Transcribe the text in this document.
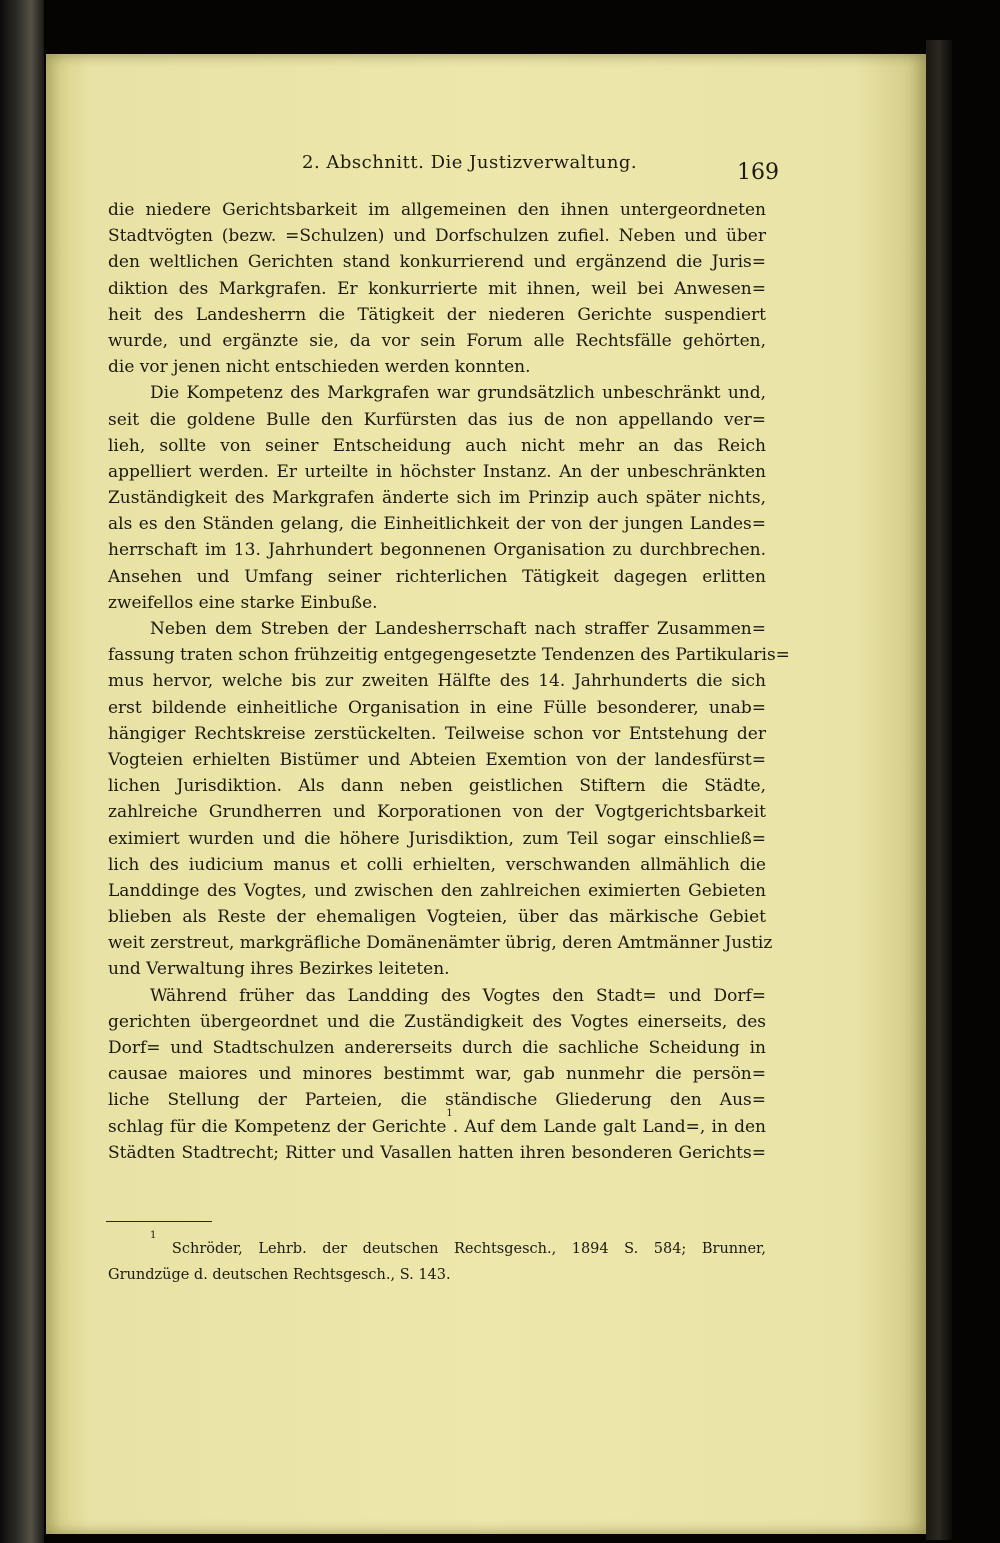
2. Abschnitt. Die Justizverwaltung.	169
die niedere Gerichtsbarkeit im allgemeinen den ihnen untergeordneten
Stadtvögten (bezw. =Schulzen) und Dorfschulzen zufiel. Neben und über
den weltlichen Gerichten stand konkurrierend und ergänzend die Juris=
diktion des Markgrafen. Er konkurrierte mit ihnen, weil bei Anwesen=
heit des Landesherrn die Tätigkeit der niederen Gerichte suspendiert
wurde, und ergänzte sie, da vor sein Forum alle Rechtsfälle gehörten,
die vor jenen nicht entschieden werden konnten.
Die Kompetenz des Markgrafen war grundsätzlich unbeschränkt und,
seit die goldene Bulle den Kurfürsten das ius de non appellando ver=
lieh, sollte von seiner Entscheidung auch nicht mehr an das Reich
appelliert werden. Er urteilte in höchster Instanz. An der unbeschränkten
Zuständigkeit des Markgrafen änderte sich im Prinzip auch später nichts,
als es den Ständen gelang, die Einheitlichkeit der von der jungen Landes=
herrschaft im 13. Jahrhundert begonnenen Organisation zu durchbrechen.
Ansehen und Umfang seiner richterlichen Tätigkeit dagegen erlitten
zweifellos eine starke Einbuße.
Neben dem Streben der Landesherrschaft nach straffer Zusammen=
fassung traten schon frühzeitig entgegengesetzte Tendenzen des Partikularis=
mus hervor, welche bis zur zweiten Hälfte des 14. Jahrhunderts die sich
erst bildende einheitliche Organisation in eine Fülle besonderer, unab=
hängiger Rechtskreise zerstückelten. Teilweise schon vor Entstehung der
Vogteien erhielten Bistümer und Abteien Exemtion von der landesfürst=
lichen Jurisdiktion. Als dann neben geistlichen Stiftern die Städte,
zahlreiche Grundherren und Korporationen von der Vogtgerichtsbarkeit
eximiert wurden und die höhere Jurisdiktion, zum Teil sogar einschließ=
lich des iudicium manus et colli erhielten, verschwanden allmählich die
Landdinge des Vogtes, und zwischen den zahlreichen eximierten Gebieten
blieben als Reste der ehemaligen Vogteien, über das märkische Gebiet
weit zerstreut, markgräfliche Domänenämter übrig, deren Amtmänner Justiz
und Verwaltung ihres Bezirkes leiteten.
Während früher das Landding des Vogtes den Stadt= und Dorf=
gerichten übergeordnet und die Zuständigkeit des Vogtes einerseits, des
Dorf= und Stadtschulzen andererseits durch die sachliche Scheidung in
causae maiores und minores bestimmt war, gab nunmehr die persön=
liche Stellung der Parteien, die ständische Gliederung den Aus=
schlag für die Kompetenz der Gerichte$^1$. Auf dem Lande galt Land=, in den
Städten Stadtrecht; Ritter und Vasallen hatten ihren besonderen Gerichts=
$^1$ Schröder, Lehrb. der deutschen Rechtsgesch., 1894 S. 584; Brunner,
Grundzüge d. deutschen Rechtsgesch., S. 143.
